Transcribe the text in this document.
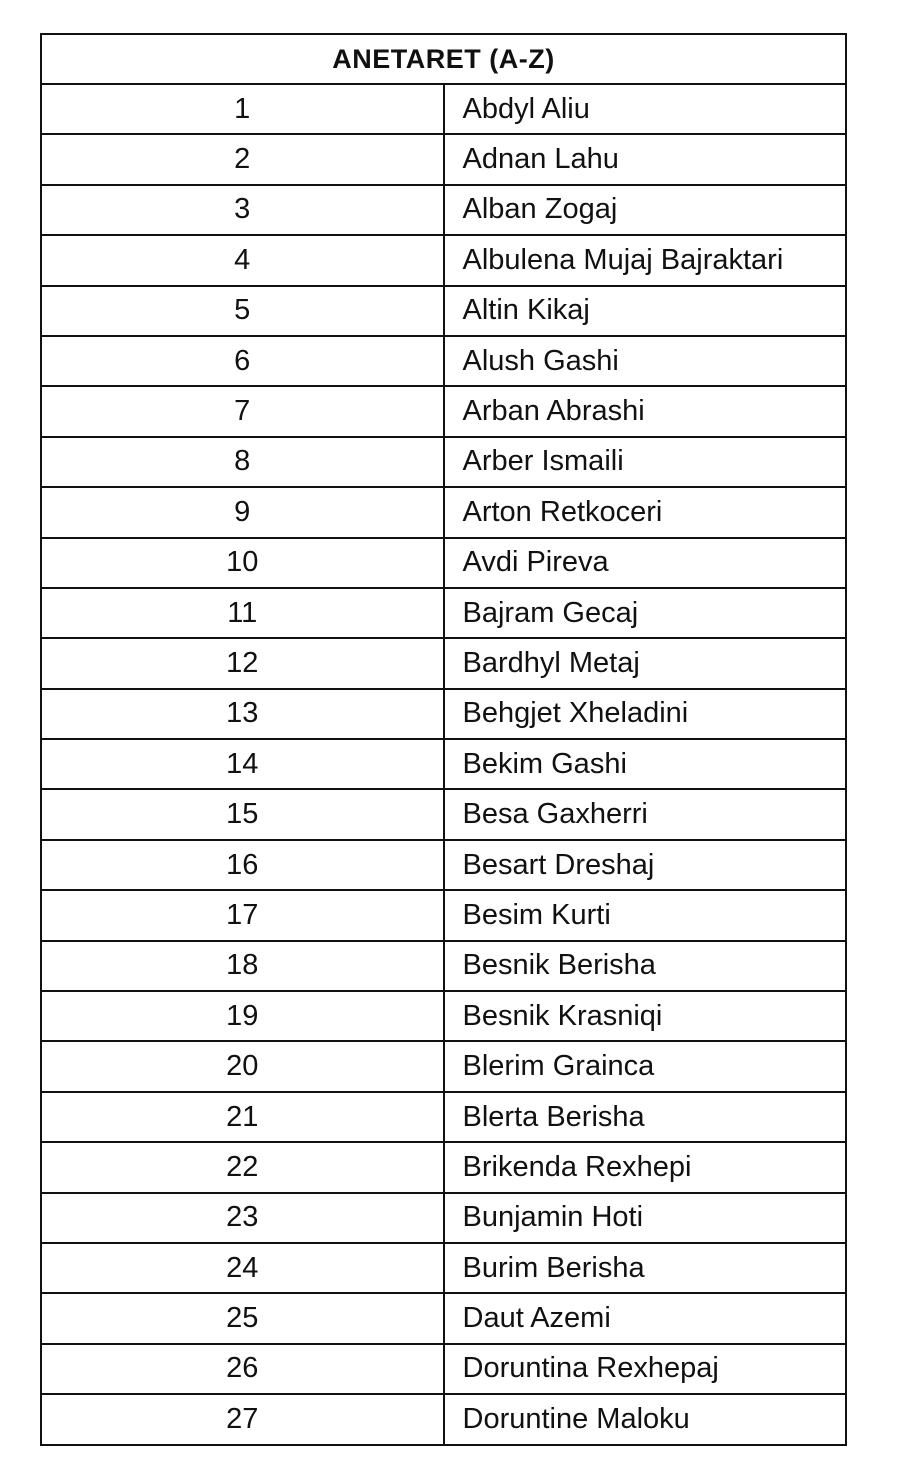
ANETARET (A-Z)	
1	Abdyl Aliu
2	Adnan Lahu
3	Alban Zogaj
4	Albulena Mujaj Bajraktari
5	Altin Kikaj
6	Alush Gashi
7	Arban Abrashi
8	Arber Ismaili
9	Arton Retkoceri
10	Avdi Pireva
11	Bajram Gecaj
12	Bardhyl Metaj
13	Behgjet Xheladini
14	Bekim Gashi
15	Besa Gaxherri
16	Besart Dreshaj
17	Besim Kurti
18	Besnik Berisha
19	Besnik Krasniqi
20	Blerim Grainca
21	Blerta Berisha
22	Brikenda Rexhepi
23	Bunjamin Hoti
24	Burim Berisha
25	Daut Azemi
26	Doruntina Rexhepaj
27	Doruntine Maloku
